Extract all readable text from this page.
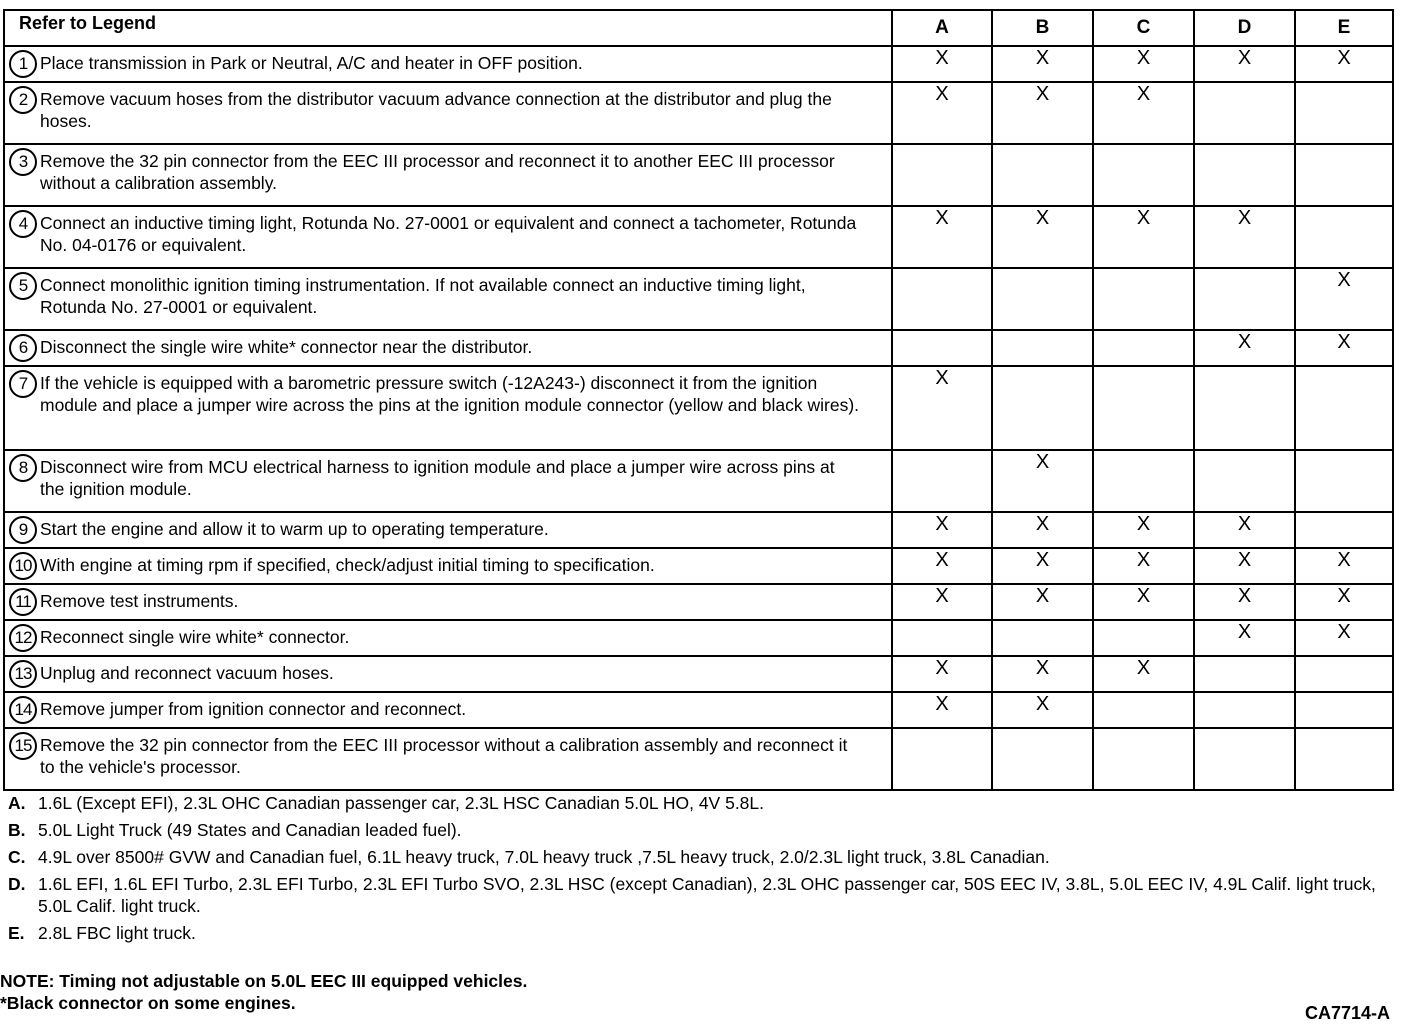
Refer to Legend	A	B	C	D	E

1 Place transmission in Park or Neutral, A/C and heater in OFF position.	X	X	X	X	X

2 Remove vacuum hoses from the distributor vacuum advance connection at the distributor and plug the hoses.	X	X	X		

3 Remove the 32 pin connector from the EEC III processor and reconnect it to another EEC III processor without a calibration assembly.					

4 Connect an inductive timing light, Rotunda No. 27-0001 or equivalent and connect a tachometer, Rotunda No. 04-0176 or equivalent.	X	X	X	X	

5 Connect monolithic ignition timing instrumentation. If not available connect an inductive timing light, Rotunda No. 27-0001 or equivalent.					X

6 Disconnect the single wire white* connector near the distributor.				X	X

7 If the vehicle is equipped with a barometric pressure switch (-12A243-) disconnect it from the ignition module and place a jumper wire across the pins at the ignition module connector (yellow and black wires).	X				

8 Disconnect wire from MCU electrical harness to ignition module and place a jumper wire across pins at the ignition module.		X			

9 Start the engine and allow it to warm up to operating temperature.	X	X	X	X	

10 With engine at timing rpm if specified, check/adjust initial timing to specification.	X	X	X	X	X

11 Remove test instruments.	X	X	X	X	X

12 Reconnect single wire white* connector.				X	X

13 Unplug and reconnect vacuum hoses.	X	X	X		

14 Remove jumper from ignition connector and reconnect.	X	X			

15 Remove the 32 pin connector from the EEC III processor without a calibration assembly and reconnect it to the vehicle's processor.					

A. 1.6L (Except EFI), 2.3L OHC Canadian passenger car, 2.3L HSC Canadian 5.0L HO, 4V 5.8L.
B. 5.0L Light Truck (49 States and Canadian leaded fuel).
C. 4.9L over 8500# GVW and Canadian fuel, 6.1L heavy truck, 7.0L heavy truck ,7.5L heavy truck, 2.0/2.3L light truck, 3.8L Canadian.
D. 1.6L EFI, 1.6L EFI Turbo, 2.3L EFI Turbo, 2.3L EFI Turbo SVO, 2.3L HSC (except Canadian), 2.3L OHC passenger car, 50S EEC IV, 3.8L, 5.0L EEC IV, 4.9L Calif. light truck, 5.0L Calif. light truck.
E. 2.8L FBC light truck.
NOTE: Timing not adjustable on 5.0L EEC III equipped vehicles.
*Black connector on some engines.	CA7714-A
